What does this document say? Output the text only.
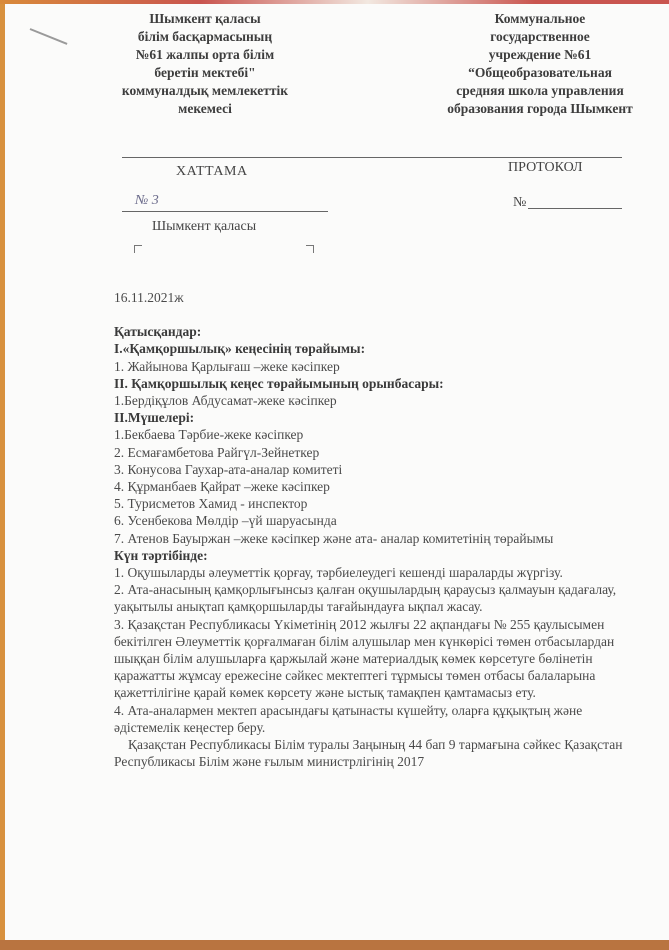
Шымкент қаласы
білім басқармасының
№61 жалпы орта білім
беретін мектебі"
коммуналдық мемлекеттік
мекемесі
Коммунальное
государственное
учреждение №61
“Общеобразовательная
средняя школа управления
образования города Шымкент
ХАТТАМА	ПРОТОКОЛ
№ 3	№
Шымкент қаласы

16.11.2021ж

Қатысқандар:

I.«Қамқоршылық» кеңесінің төрайымы:

1. Жайынова Қарлығаш –жеке кәсіпкер

II. Қамқоршылық кеңес төрайымының орынбасары:

1.Бердіқұлов Абдусамат-жеке кәсіпкер

II.Мүшелері:

1.Бекбаева Тәрбие-жеке кәсіпкер

2. Есмағамбетова Райгүл-Зейнеткер

3. Конусова Гаухар-ата-аналар комитеті

4. Құрманбаев Қайрат –жеке кәсіпкер

5. Турисметов Хамид - инспектор

6. Усенбекова Мөлдір –үй шаруасында

7. Атенов Бауыржан –жеке кәсіпкер және ата- аналар комитетінің төрайымы

Күн тәртібінде:

1. Оқушыларды әлеуметтік қорғау, тәрбиелеудегі кешенді шараларды жүргізу.

2. Ата-анасының қамқорлығынсыз қалған оқушылардың қараусыз қалмауын қадағалау, уақытылы анықтап қамқоршыларды тағайындауға ықпал жасау.

3. Қазақстан Республикасы Үкіметінің 2012 жылғы 22 ақпандағы № 255 қаулысымен бекітілген Әлеуметтік қорғалмаған білім алушылар мен күнкөрісі төмен отбасылардан шыққан білім алушыларға қаржылай және материалдық көмек көрсетуге бөлінетін қаражатты жұмсау ережесіне сәйкес мектептегі тұрмысы төмен отбасы балаларына қажеттілігіне қарай көмек көрсету және ыстық тамақпен қамтамасыз ету.

4. Ата-аналармен мектеп арасындағы қатынасты күшейту, оларға құқықтың және әдістемелік кеңестер беру.

Қазақстан Республикасы Білім туралы Заңының 44 бап 9 тармағына сәйкес Қазақстан Республикасы Білім және ғылым министрлігінің 2017
